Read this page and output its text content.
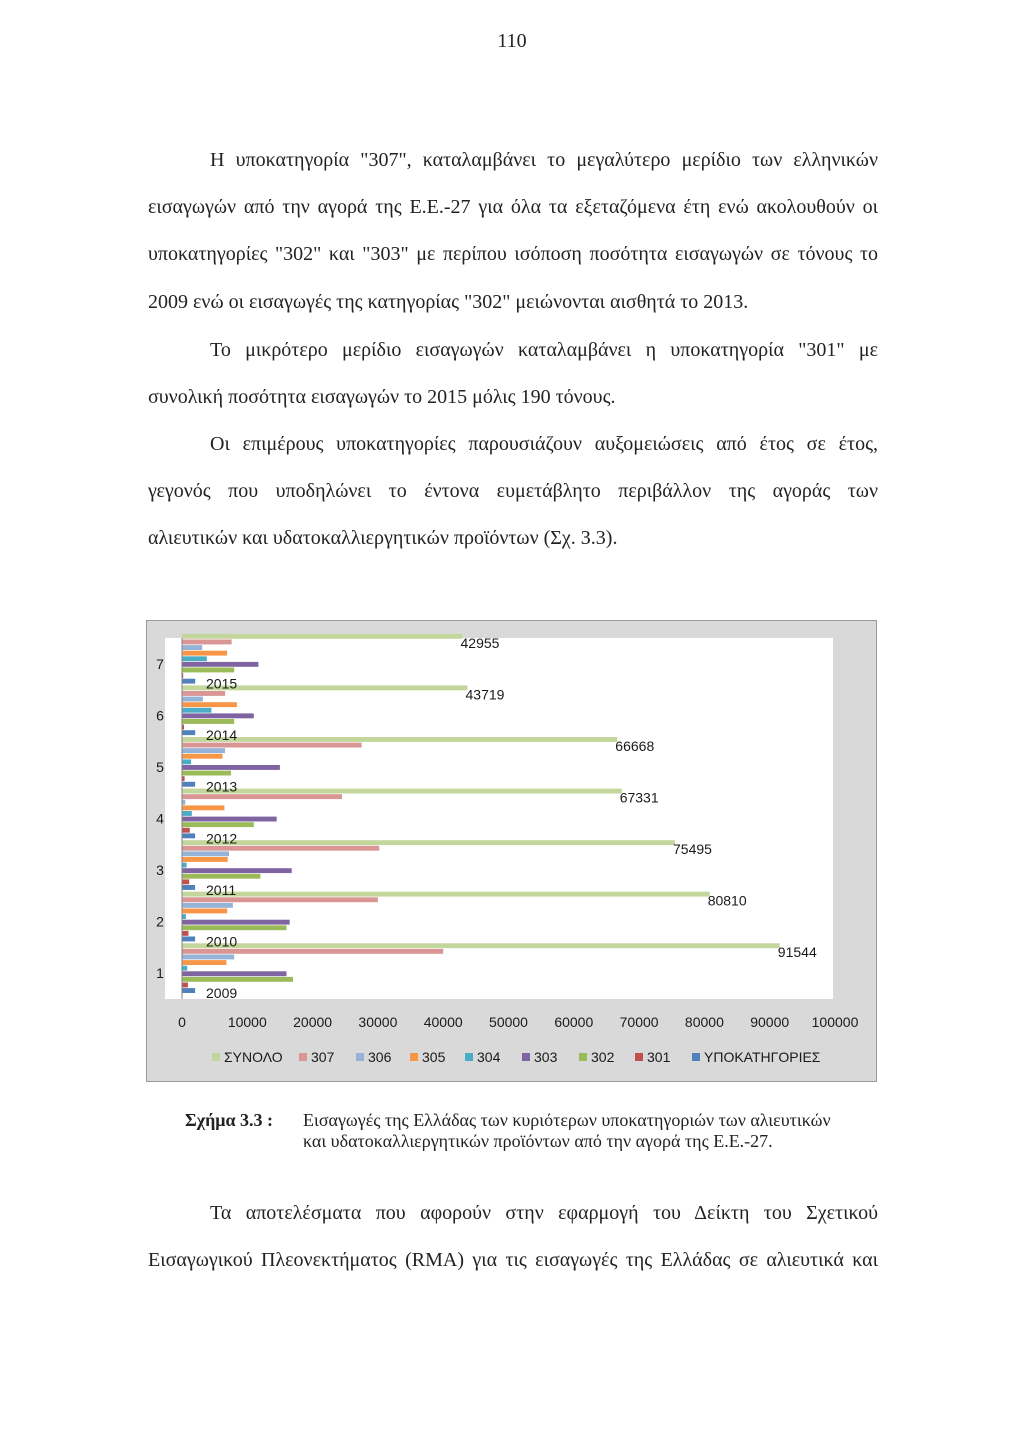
110
Η υποκατηγορία "307", καταλαμβάνει το μεγαλύτερο μερίδιο των ελληνικών
εισαγωγών από την αγορά της Ε.Ε.-27 για όλα τα εξεταζόμενα έτη ενώ ακολουθούν οι
υποκατηγορίες "302" και "303" με περίπου ισόποση ποσότητα εισαγωγών σε τόνους το
2009 ενώ οι εισαγωγές της κατηγορίας "302" μειώνονται αισθητά το 2013.
Το μικρότερο μερίδιο εισαγωγών καταλαμβάνει η υποκατηγορία "301" με
συνολική ποσότητα εισαγωγών το 2015 μόλις 190 τόνους.
Οι επιμέρους υποκατηγορίες παρουσιάζουν αυξομειώσεις από έτος σε έτος,
γεγονός που υποδηλώνει το έντονα ευμετάβλητο περιβάλλον της αγοράς των
αλιευτικών και υδατοκαλλιεργητικών προϊόντων (Σχ. 3.3).
1
2009
91544
2
2010
80810
3
2011
75495
4
2012
67331
5
2013
66668
6
2014
43719
7
2015
42955
0	10000 20000 30000 40000 50000 60000 70000 80000 90000 100000
ΣΥΝΟΛΟ 307 306 305 304 303 302 301 ΥΠΟΚΑΤΗΓΟΡΙΕΣ
Σχήμα 3.3 : Εισαγωγές της Ελλάδας των κυριότερων υποκατηγοριών των αλιευτικών
και υδατοκαλλιεργητικών προϊόντων από την αγορά της Ε.Ε.-27.
Τα αποτελέσματα που αφορούν στην εφαρμογή του Δείκτη του Σχετικού
Εισαγωγικού Πλεονεκτήματος (RMA) για τις εισαγωγές της Ελλάδας σε αλιευτικά και
